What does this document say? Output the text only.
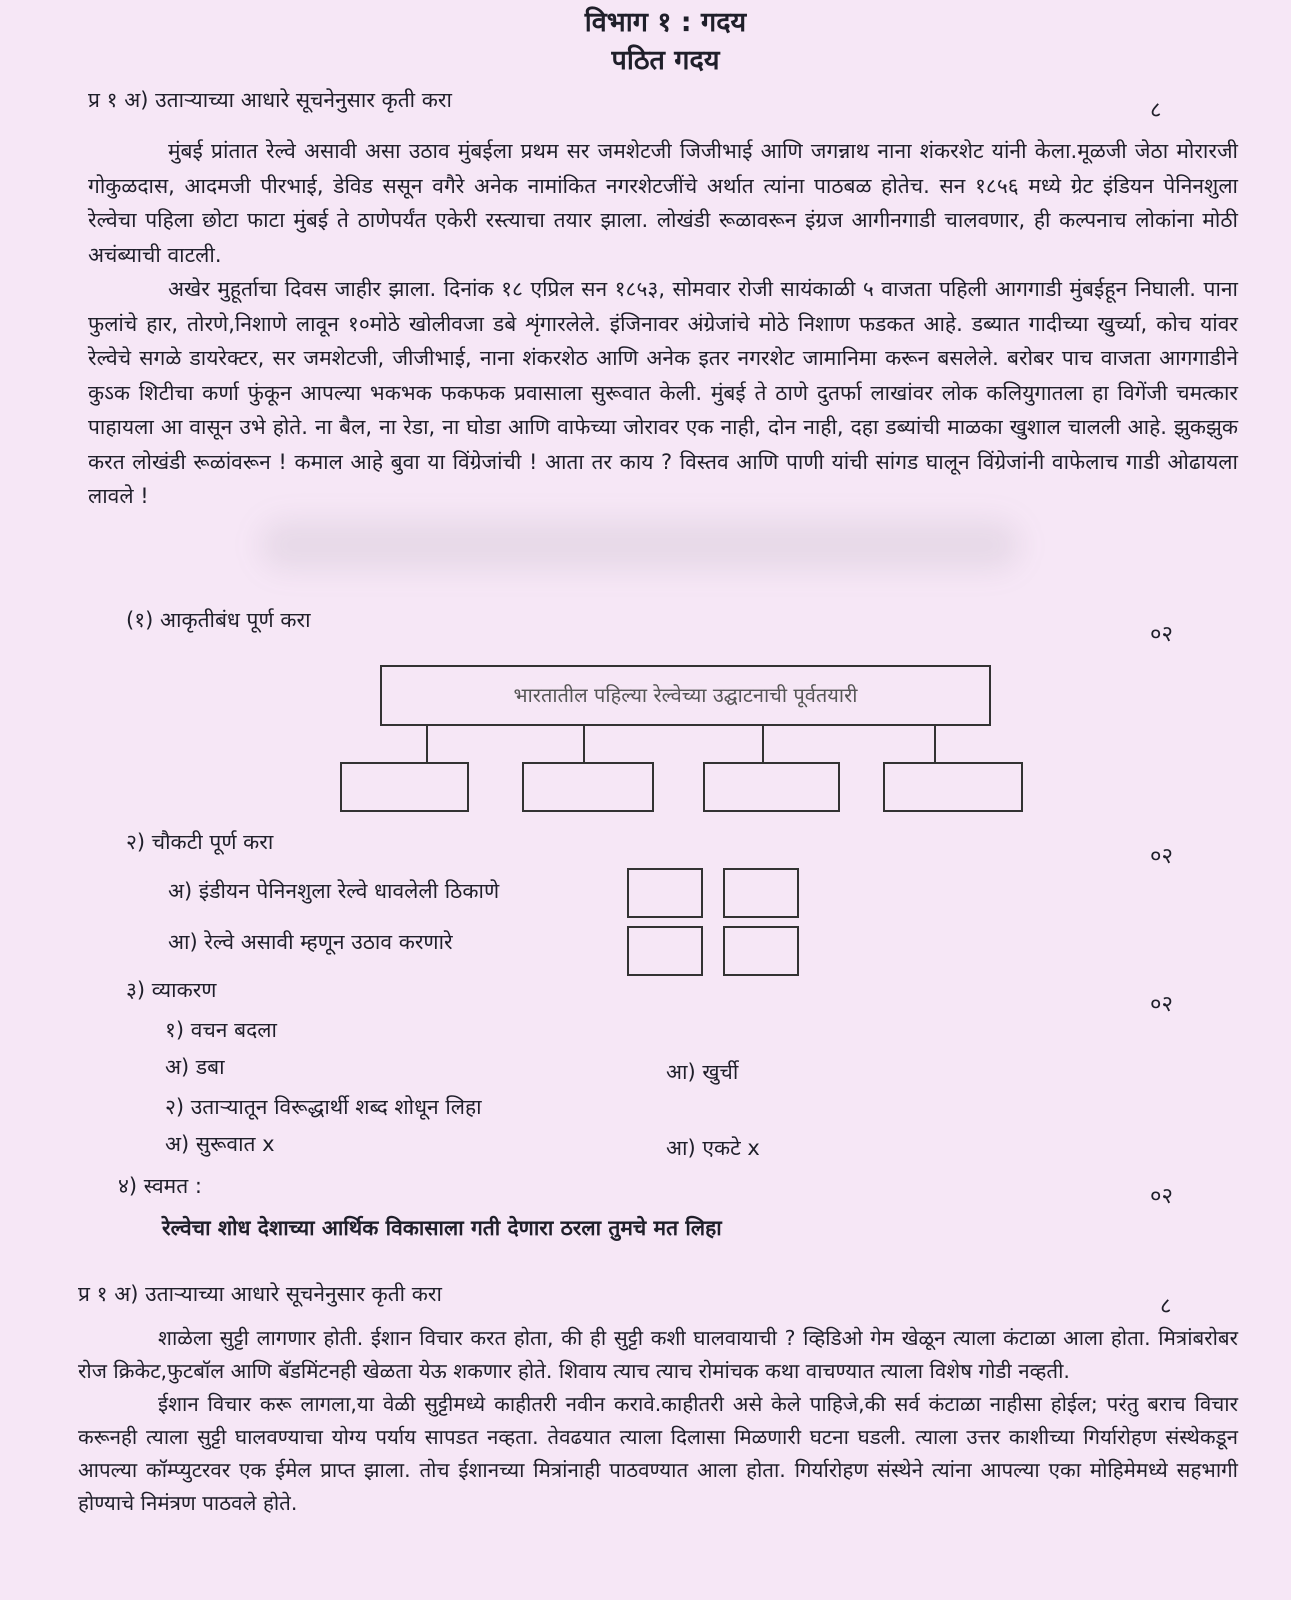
विभाग १ : गदय
पठित गदय
प्र १ अ) उताऱ्याच्या आधारे सूचनेनुसार कृती करा	८

मुंबई प्रांतात रेल्वे असावी असा उठाव मुंबईला प्रथम सर जमशेटजी जिजीभाई आणि जगन्नाथ नाना शंकरशेट यांनी केला.मूळजी जेठा मोरारजी गोकुळदास, आदमजी पीरभाई, डेविड ससून वगैरे अनेक नामांकित नगरशेटजींचे अर्थात त्यांना पाठबळ होतेच. सन १८५६ मध्ये ग्रेट इंडियन पेनिनशुला रेल्वेचा पहिला छोटा फाटा मुंबई ते ठाणेपर्यंत एकेरी रस्त्याचा तयार झाला. लोखंडी रूळावरून इंग्रज आगीनगाडी चालवणार, ही कल्पनाच लोकांना मोठी अचंब्याची वाटली.

अखेर मुहूर्ताचा दिवस जाहीर झाला. दिनांक १८ एप्रिल सन १८५३, सोमवार रोजी सायंकाळी ५ वाजता पहिली आगगाडी मुंबईहून निघाली. पाना फुलांचे हार, तोरणे,निशाणे लावून १०मोठे खोलीवजा डबे शृंगारलेले. इंजिनावर अंग्रेजांचे मोठे निशाण फडकत आहे. डब्यात गादीच्या खुर्च्या, कोच यांवर रेल्वेचे सगळे डायरेक्टर, सर जमशेटजी, जीजीभाई, नाना शंकरशेठ आणि अनेक इतर नगरशेट जामानिमा करून बसलेले. बरोबर पाच वाजता आगगाडीने कुऽक शिटीचा कर्णा फुंकून आपल्या भकभक फकफक प्रवासाला सुरूवात केली. मुंबई ते ठाणे दुतर्फा लाखांवर लोक कलियुगातला हा विगेंजी चमत्कार पाहायला आ वासून उभे होते. ना बैल, ना रेडा, ना घोडा आणि वाफेच्या जोरावर एक नाही, दोन नाही, दहा डब्यांची माळका खुशाल चालली आहे. झुकझुक करत लोखंडी रूळांवरून ! कमाल आहे बुवा या विंग्रेजांची ! आता तर काय ? विस्तव आणि पाणी यांची सांगड घालून विंग्रेजांनी वाफेलाच गाडी ओढायला लावले !

(१) आकृतीबंध पूर्ण करा
०२
भारतातील पहिल्या रेल्वेच्या उद्घाटनाची पूर्वतयारी
२) चौकटी पूर्ण करा
०२
अ) इंडीयन पेनिनशुला रेल्वे धावलेली ठिकाणे
आ) रेल्वे असावी म्हणून उठाव करणारे
३) व्याकरण
०२
१) वचन बदला
अ) डबा	आ) खुर्ची
२) उताऱ्यातून विरूद्धार्थी शब्द शोधून लिहा
अ) सुरूवात x	आ) एकटे x
४) स्वमत :	०२
रेल्वेचा शोध देशाच्या आर्थिक विकासाला गती देणारा ठरला तुमचे मत लिहा
प्र १ अ) उताऱ्याच्या आधारे सूचनेनुसार कृती करा	८

शाळेला सुट्टी लागणार होती. ईशान विचार करत होता, की ही सुट्टी कशी घालवायाची ? व्हिडिओ गेम खेळून त्याला कंटाळा आला होता. मित्रांबरोबर रोज क्रिकेट,फुटबॉल आणि बॅडमिंटनही खेळता येऊ शकणार होते. शिवाय त्याच त्याच रोमांचक कथा वाचण्यात त्याला विशेष गोडी नव्हती.

ईशान विचार करू लागला,या वेळी सुट्टीमध्ये काहीतरी नवीन करावे.काहीतरी असे केले पाहिजे,की सर्व कंटाळा नाहीसा होईल; परंतु बराच विचार करूनही त्याला सुट्टी घालवण्याचा योग्य पर्याय सापडत नव्हता. तेवढयात त्याला दिलासा मिळणारी घटना घडली. त्याला उत्तर काशीच्या गिर्यारोहण संस्थेकडून आपल्या कॉम्प्युटरवर एक ईमेल प्राप्त झाला. तोच ईशानच्या मित्रांनाही पाठवण्यात आला होता. गिर्यारोहण संस्थेने त्यांना आपल्या एका मोहिमेमध्ये सहभागी होण्याचे निमंत्रण पाठवले होते.
